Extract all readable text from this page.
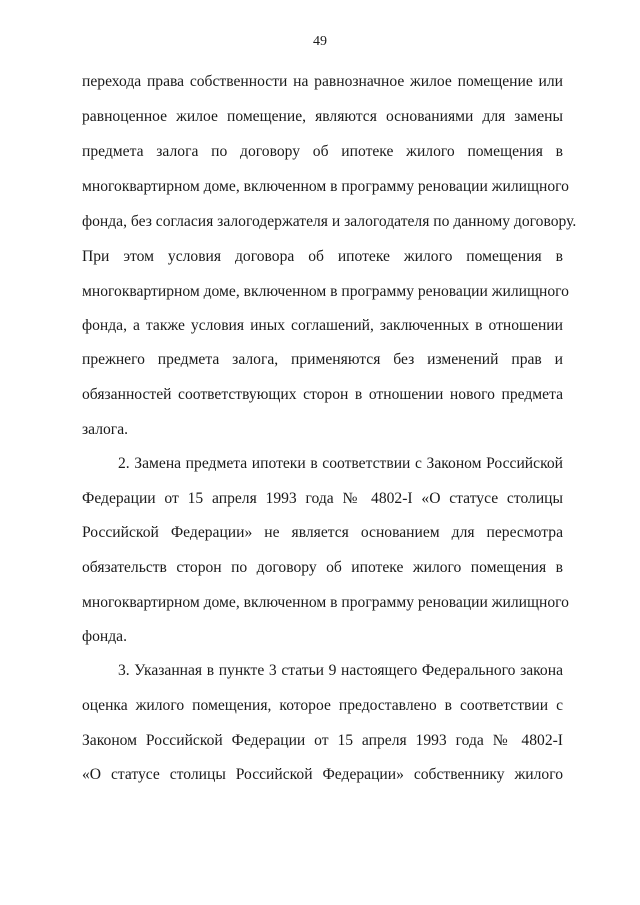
49
перехода права собственности на равнозначное жилое помещение или
равноценное жилое помещение, являются основаниями для замены
предмета залога по договору об ипотеке жилого помещения в
многоквартирном доме, включенном в программу реновации жилищного
фонда, без согласия залогодержателя и залогодателя по данному договору.
При этом условия договора об ипотеке жилого помещения в
многоквартирном доме, включенном в программу реновации жилищного
фонда, а также условия иных соглашений, заключенных в отношении
прежнего предмета залога, применяются без изменений прав и
обязанностей соответствующих сторон в отношении нового предмета
залога.
2. Замена предмета ипотеки в соответствии с Законом Российской
Федерации от 15 апреля 1993 года № 4802-I «О статусе столицы
Российской Федерации» не является основанием для пересмотра
обязательств сторон по договору об ипотеке жилого помещения в
многоквартирном доме, включенном в программу реновации жилищного
фонда.
3. Указанная в пункте 3 статьи 9 настоящего Федерального закона
оценка жилого помещения, которое предоставлено в соответствии с
Законом Российской Федерации от 15 апреля 1993 года № 4802-I
«О статусе столицы Российской Федерации» собственнику жилого
